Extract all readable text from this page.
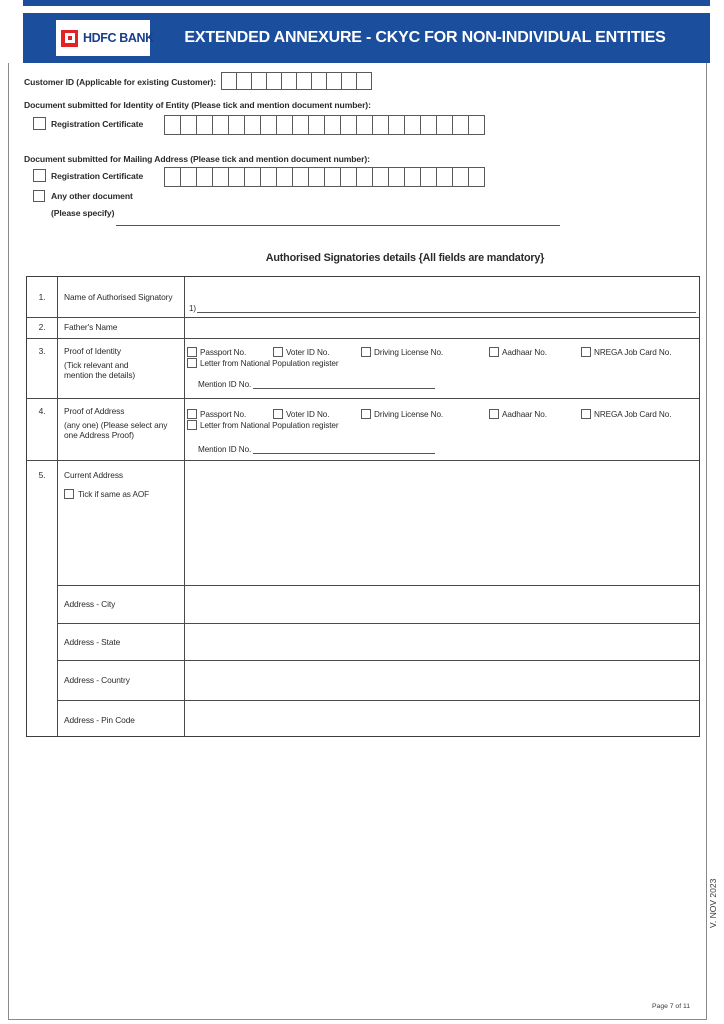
HDFC BANK	EXTENDED ANNEXURE - CKYC FOR NON-INDIVIDUAL ENTITIES
Customer ID (Applicable for existing Customer):
Document submitted for Identity of Entity (Please tick and mention document number):
Registration Certificate
Document submitted for Mailing Address (Please tick and mention document number):
Registration Certificate
Any other document
(Please specify)
Authorised Signatories details {All fields are mandatory}
1.	Name of Authorised Signatory
1)
2.	Father's Name
3.	Proof of Identity
(Tick relevant and
mention the details)
Passport No.	Voter ID No.	Driving License No.	Aadhaar No.	NREGA Job Card No.
Letter from National Population register
Mention ID No.
4.	Proof of Address
(any one) (Please select any
one Address Proof)
Passport No.	Voter ID No.	Driving License No.	Aadhaar No.	NREGA Job Card No.
Letter from National Population register
Mention ID No.
5.	Current Address
Tick if same as AOF
Address - City
Address - State
Address - Country
Address - Pin Code
Page 7 of 11
V. NOV 2023
